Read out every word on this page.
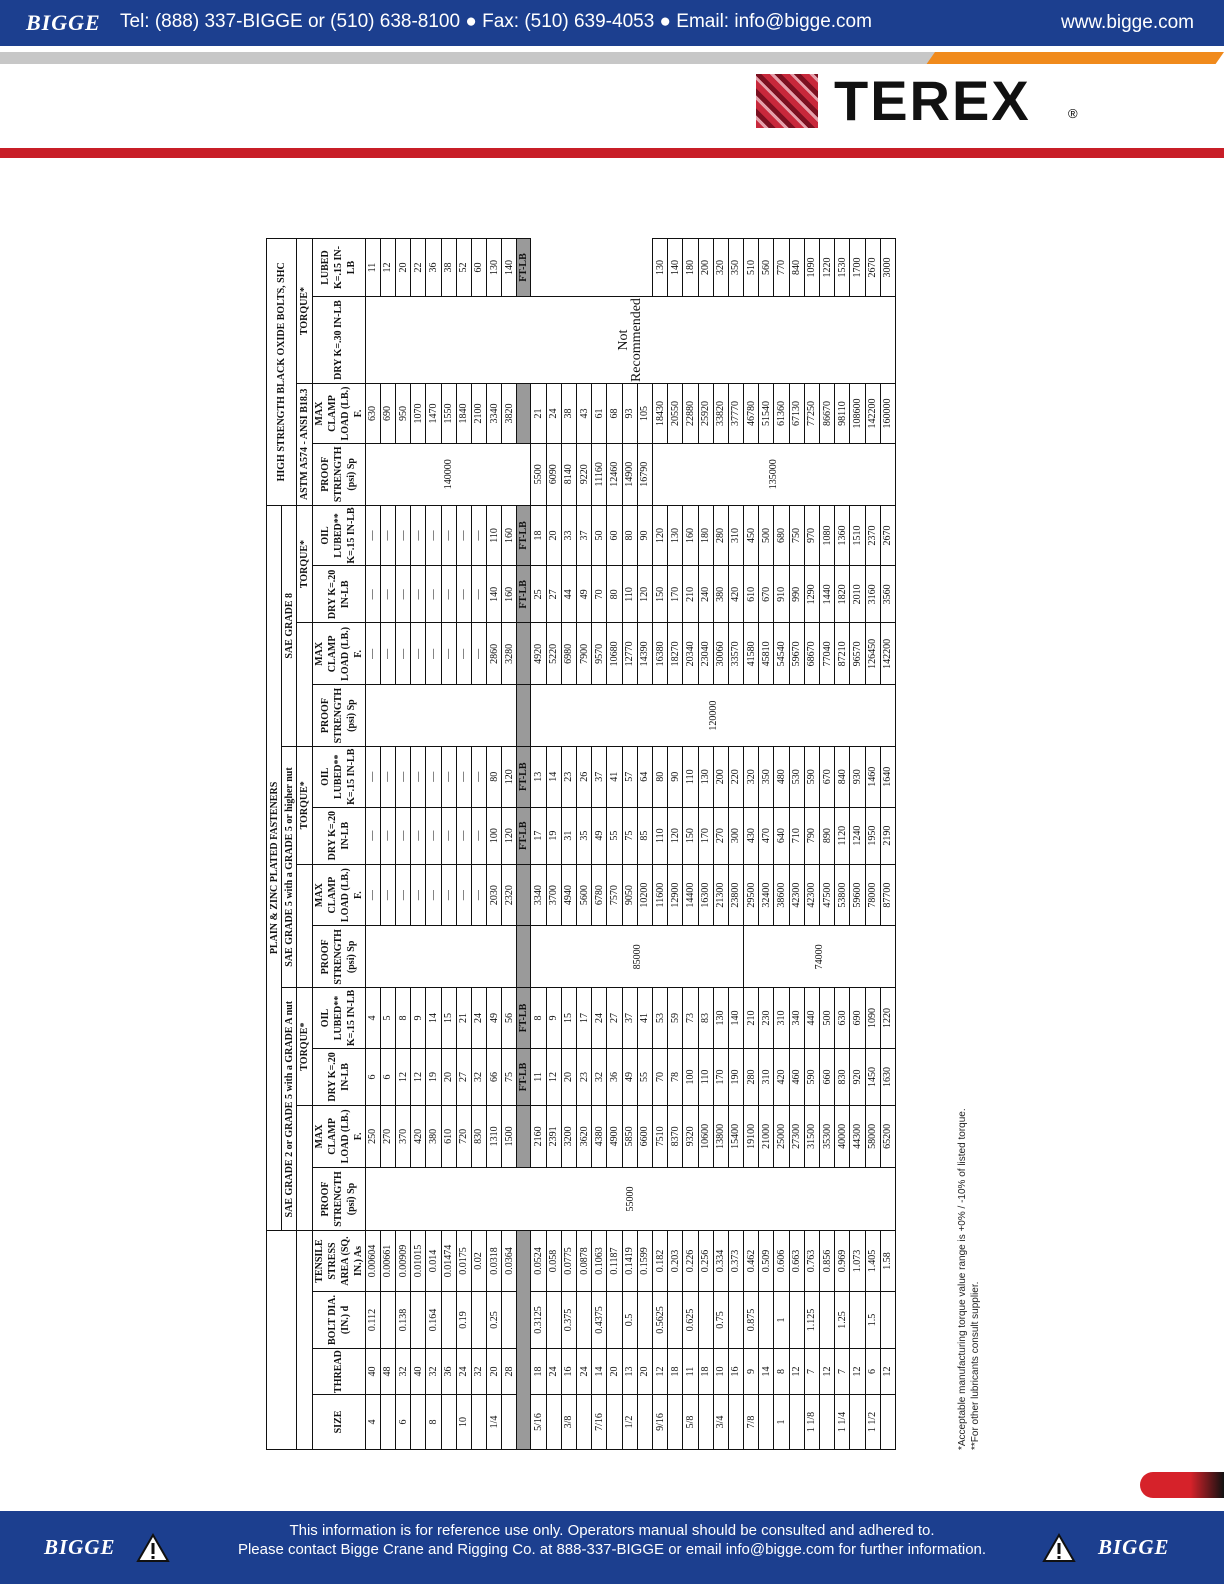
BIGGE Tel: (888) 337-BIGGE or (510) 638-8100 ● Fax: (510) 639-4053 ● Email: info@bigge.com	www.bigge.com
TEREX	®
				PLAIN & ZINC PLATED FASTENERS												HIGH STRENGTH BLACK OXIDE BOLTS, SHC			
				SAE GRADE 2 or GRADE 5 with a GRADE A nut				SAE GRADE 5 with a GRADE 5 or higher nut				SAE GRADE 8							
						TORQUE*				TORQUE*				TORQUE*		ASTM A574 - ANSI B18.3		TORQUE*	
SIZE	THREAD	BOLT DIA. (IN.) d	TENSILE STRESS AREA (SQ. IN.) As	PROOF STRENGTH (psi) Sp	MAX CLAMP LOAD (LB.) F.	DRY K=.20 IN-LB	OIL LUBED** K=.15 IN-LB	PROOF STRENGTH (psi) Sp	MAX CLAMP LOAD (LB.) F.	DRY K=.20 IN-LB	OIL LUBED** K=.15 IN-LB	PROOF STRENGTH (psi) Sp	MAX CLAMP LOAD (LB.) F.	DRY K=.20 IN-LB	OIL LUBED** K=.15 IN-LB	PROOF STRENGTH (psi) Sp	MAX CLAMP LOAD (LB.) F.	DRY K=.30 IN-LB	LUBED K=.15 IN-LB
4	40	0.112	0.00604	55000	250	6	4		—	—	—		—	—	—	140000	630	Not Recommended	11
	48		0.00661		270	6	5		—	—	—		—	—	—		690		12
6	32	0.138	0.00909		370	12	8		—	—	—		—	—	—		950		20
	40		0.01015		420	12	9		—	—	—		—	—	—		1070		22
8	32	0.164	0.014		380	19	14		—	—	—		—	—	—		1470		36
	36		0.01474		610	20	15		—	—	—		—	—	—		1550		38
10	24	0.19	0.0175		720	27	21		—	—	—		—	—	—		1840		52
	32		0.02		830	32	24		—	—	—		—	—	—		2100		60
1/4	20	0.25	0.0318		1310	66	49		2030	100	80		2860	140	110		3340		130
	28		0.0364		1500	75	56		2320	120	120		3280	160	160		3820		140
						FT-LB	FT-LB			FT-LB	FT-LB			FT-LB	FT-LB				FT-LB
5/16	18	0.3125	0.0524		2160	11	8	85000	3340	17	13	120000	4920	25	18	5500	21		
	24		0.058		2391	12	9		3700	19	14		5220	27	20	6090	24		
3/8	16	0.375	0.0775		3200	20	15		4940	31	23		6980	44	33	8140	38		
	24		0.0878		3620	23	17		5600	35	26		7900	49	37	9220	43		
7/16	14	0.4375	0.1063		4380	32	24		6780	49	37		9570	70	50	11160	61		
	20		0.1187		4900	36	27		7570	55	41		10680	80	60	12460	68		
1/2	13	0.5	0.1419		5850	49	37		9050	75	57		12770	110	80	14900	93		
	20		0.1599		6600	55	41		10200	85	64		14390	120	90	16790	105		
9/16	12	0.5625	0.182		7510	70	53		11600	110	80		16380	150	120	135000	18430		130
	18		0.203		8370	78	59		12900	120	90		18270	170	130		20550		140
5/8	11	0.625	0.226		9320	100	73		14400	150	110		20340	210	160		22880		180
	18		0.256		10600	110	83		16300	170	130		23040	240	180		25920		200
3/4	10	0.75	0.334		13800	170	130		21300	270	200		30060	380	280		33820		320
	16		0.373		15400	190	140		23800	300	220		33570	420	310		37770		350
7/8	9	0.875	0.462		19100	280	210	74000	29500	430	320		41580	610	450		46780		510
	14		0.509		21000	310	230		32400	470	350		45810	670	500		51540		560
1	8	1	0.606		25000	420	310		38600	640	480		54540	910	680		61360		770
	12		0.663		27300	460	340		42300	710	530		59670	990	750		67130		840
1 1/8	7	1.125	0.763		31500	590	440		42300	790	590		68670	1290	970		77250		1090
	12		0.856		35300	660	500		47500	890	670		77040	1440	1080		86670		1220
1 1/4	7	1.25	0.969		40000	830	630		53800	1120	840		87210	1820	1360		98110		1530
	12		1.073		44300	920	690		59600	1240	930		96570	2010	1510		108600		1700
1 1/2	6	1.5	1.405		58000	1450	1090		78000	1950	1460		126450	3160	2370		142200		2670
	12		1.58		65200	1630	1220		87700	2190	1640		142200	3560	2670		160000		3000
*Acceptable manufacturing torque value range is +0% / -10% of listed torque. **For other lubricants consult supplier.
BIGGE
This information is for reference use only. Operators manual should be consulted and adhered to.
Please contact Bigge Crane and Rigging Co. at 888-337-BIGGE or email info@bigge.com for further information.	BIGGE
